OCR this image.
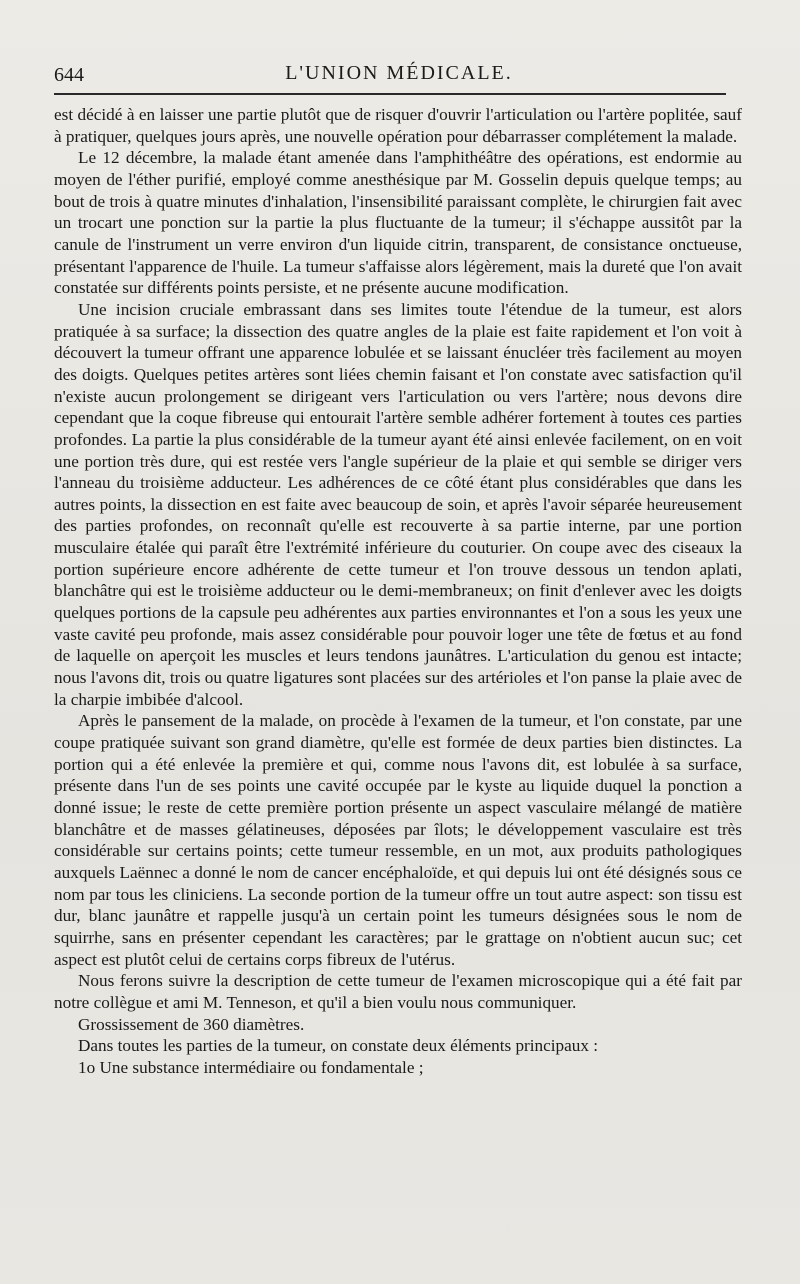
644	L'UNION MÉDICALE.

est décidé à en laisser une partie plutôt que de risquer d'ouvrir l'articulation ou l'artère poplitée, sauf à pratiquer, quelques jours après, une nouvelle opération pour débarrasser complétement la malade.

Le 12 décembre, la malade étant amenée dans l'amphithéâtre des opérations, est endormie au moyen de l'éther purifié, employé comme anesthésique par M. Gosselin depuis quelque temps; au bout de trois à quatre minutes d'inhalation, l'insensibilité paraissant complète, le chirurgien fait avec un trocart une ponction sur la partie la plus fluctuante de la tumeur; il s'échappe aussitôt par la canule de l'instrument un verre environ d'un liquide citrin, transparent, de consistance onctueuse, présentant l'apparence de l'huile. La tumeur s'affaisse alors légèrement, mais la dureté que l'on avait constatée sur différents points persiste, et ne présente aucune modification.

Une incision cruciale embrassant dans ses limites toute l'étendue de la tumeur, est alors pratiquée à sa surface; la dissection des quatre angles de la plaie est faite rapidement et l'on voit à découvert la tumeur offrant une apparence lobulée et se laissant énucléer très facilement au moyen des doigts. Quelques petites artères sont liées chemin faisant et l'on constate avec satisfaction qu'il n'existe aucun prolongement se dirigeant vers l'articulation ou vers l'artère; nous devons dire cependant que la coque fibreuse qui entourait l'artère semble adhérer fortement à toutes ces parties profondes. La partie la plus considérable de la tumeur ayant été ainsi enlevée facilement, on en voit une portion très dure, qui est restée vers l'angle supérieur de la plaie et qui semble se diriger vers l'anneau du troisième adducteur. Les adhérences de ce côté étant plus considérables que dans les autres points, la dissection en est faite avec beaucoup de soin, et après l'avoir séparée heureusement des parties profondes, on reconnaît qu'elle est recouverte à sa partie interne, par une portion musculaire étalée qui paraît être l'extrémité inférieure du couturier. On coupe avec des ciseaux la portion supérieure encore adhérente de cette tumeur et l'on trouve dessous un tendon aplati, blanchâtre qui est le troisième adducteur ou le demi-membraneux; on finit d'enlever avec les doigts quelques portions de la capsule peu adhérentes aux parties environnantes et l'on a sous les yeux une vaste cavité peu profonde, mais assez considérable pour pouvoir loger une tête de fœtus et au fond de laquelle on aperçoit les muscles et leurs tendons jaunâtres. L'articulation du genou est intacte; nous l'avons dit, trois ou quatre ligatures sont placées sur des artérioles et l'on panse la plaie avec de la charpie imbibée d'alcool.

Après le pansement de la malade, on procède à l'examen de la tumeur, et l'on constate, par une coupe pratiquée suivant son grand diamètre, qu'elle est formée de deux parties bien distinctes. La portion qui a été enlevée la première et qui, comme nous l'avons dit, est lobulée à sa surface, présente dans l'un de ses points une cavité occupée par le kyste au liquide duquel la ponction a donné issue; le reste de cette première portion présente un aspect vasculaire mélangé de matière blanchâtre et de masses gélatineuses, déposées par îlots; le développement vasculaire est très considérable sur certains points; cette tumeur ressemble, en un mot, aux produits pathologiques auxquels Laënnec a donné le nom de cancer encéphaloïde, et qui depuis lui ont été désignés sous ce nom par tous les cliniciens. La seconde portion de la tumeur offre un tout autre aspect: son tissu est dur, blanc jaunâtre et rappelle jusqu'à un certain point les tumeurs désignées sous le nom de squirrhe, sans en présenter cependant les caractères; par le grattage on n'obtient aucun suc; cet aspect est plutôt celui de certains corps fibreux de l'utérus.

Nous ferons suivre la description de cette tumeur de l'examen microscopique qui a été fait par notre collègue et ami M. Tenneson, et qu'il a bien voulu nous communiquer.

Grossissement de 360 diamètres.

Dans toutes les parties de la tumeur, on constate deux éléments principaux :

1o Une substance intermédiaire ou fondamentale ;
